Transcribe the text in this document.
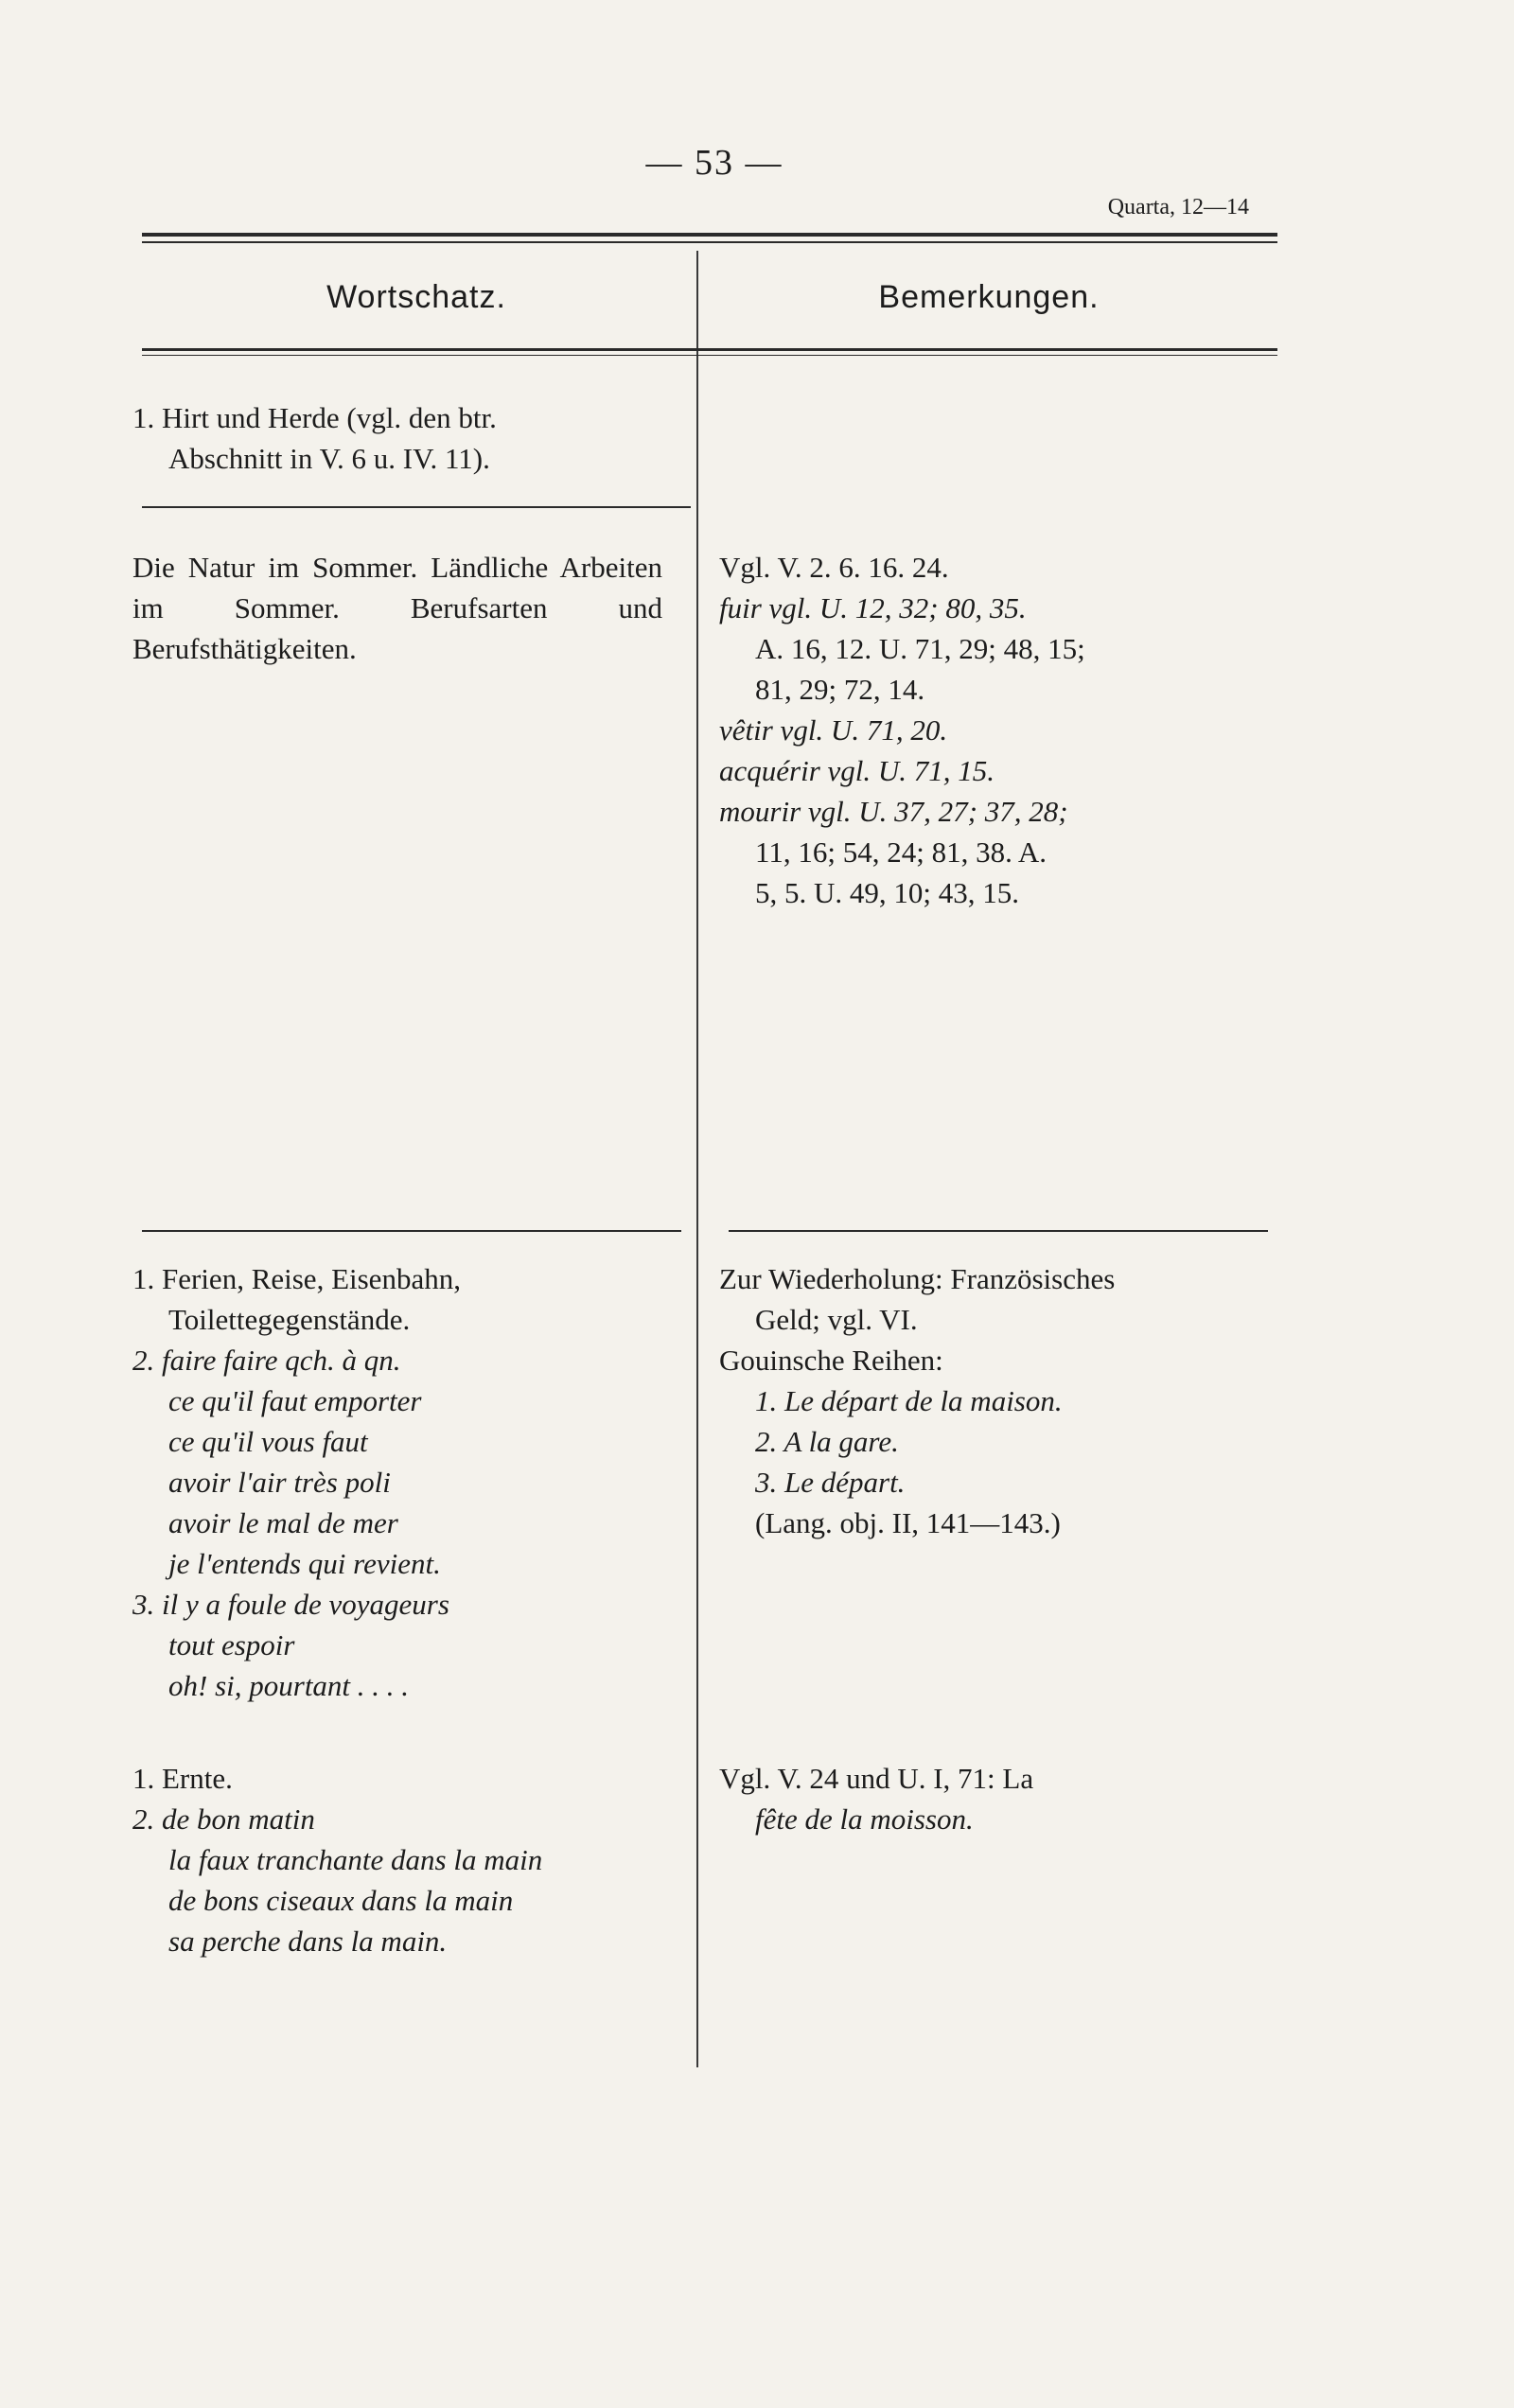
— 53 —
Quarta, 12—14
Wortschatz.	Bemerkungen.

1. Hirt und Herde (vgl. den btr.

Abschnitt in V. 6 u. IV. 11).

Die Natur im Sommer. Ländliche Arbeiten im Sommer. Berufsarten und Berufsthätigkeiten.

Vgl. V. 2. 6. 16. 24.

fuir vgl. U. 12, 32; 80, 35.

A. 16, 12. U. 71, 29; 48, 15;

81, 29; 72, 14.

vêtir vgl. U. 71, 20.

acquérir vgl. U. 71, 15.

mourir vgl. U. 37, 27; 37, 28;

11, 16; 54, 24; 81, 38. A.

5, 5. U. 49, 10; 43, 15.

1. Ferien, Reise, Eisenbahn,

Toilettegegenstände.

2. faire faire qch. à qn.

ce qu'il faut emporter

ce qu'il vous faut

avoir l'air très poli

avoir le mal de mer

je l'entends qui revient.

3. il y a foule de voyageurs

tout espoir

oh! si, pourtant . . . .

Zur Wiederholung: Französisches

Geld; vgl. VI.

Gouinsche Reihen:

1. Le départ de la maison.

2. A la gare.

3. Le départ.

(Lang. obj. II, 141—143.)

1. Ernte.

2. de bon matin

la faux tranchante dans la main

de bons ciseaux dans la main

sa perche dans la main.

Vgl. V. 24 und U. I, 71: La

fête de la moisson.
